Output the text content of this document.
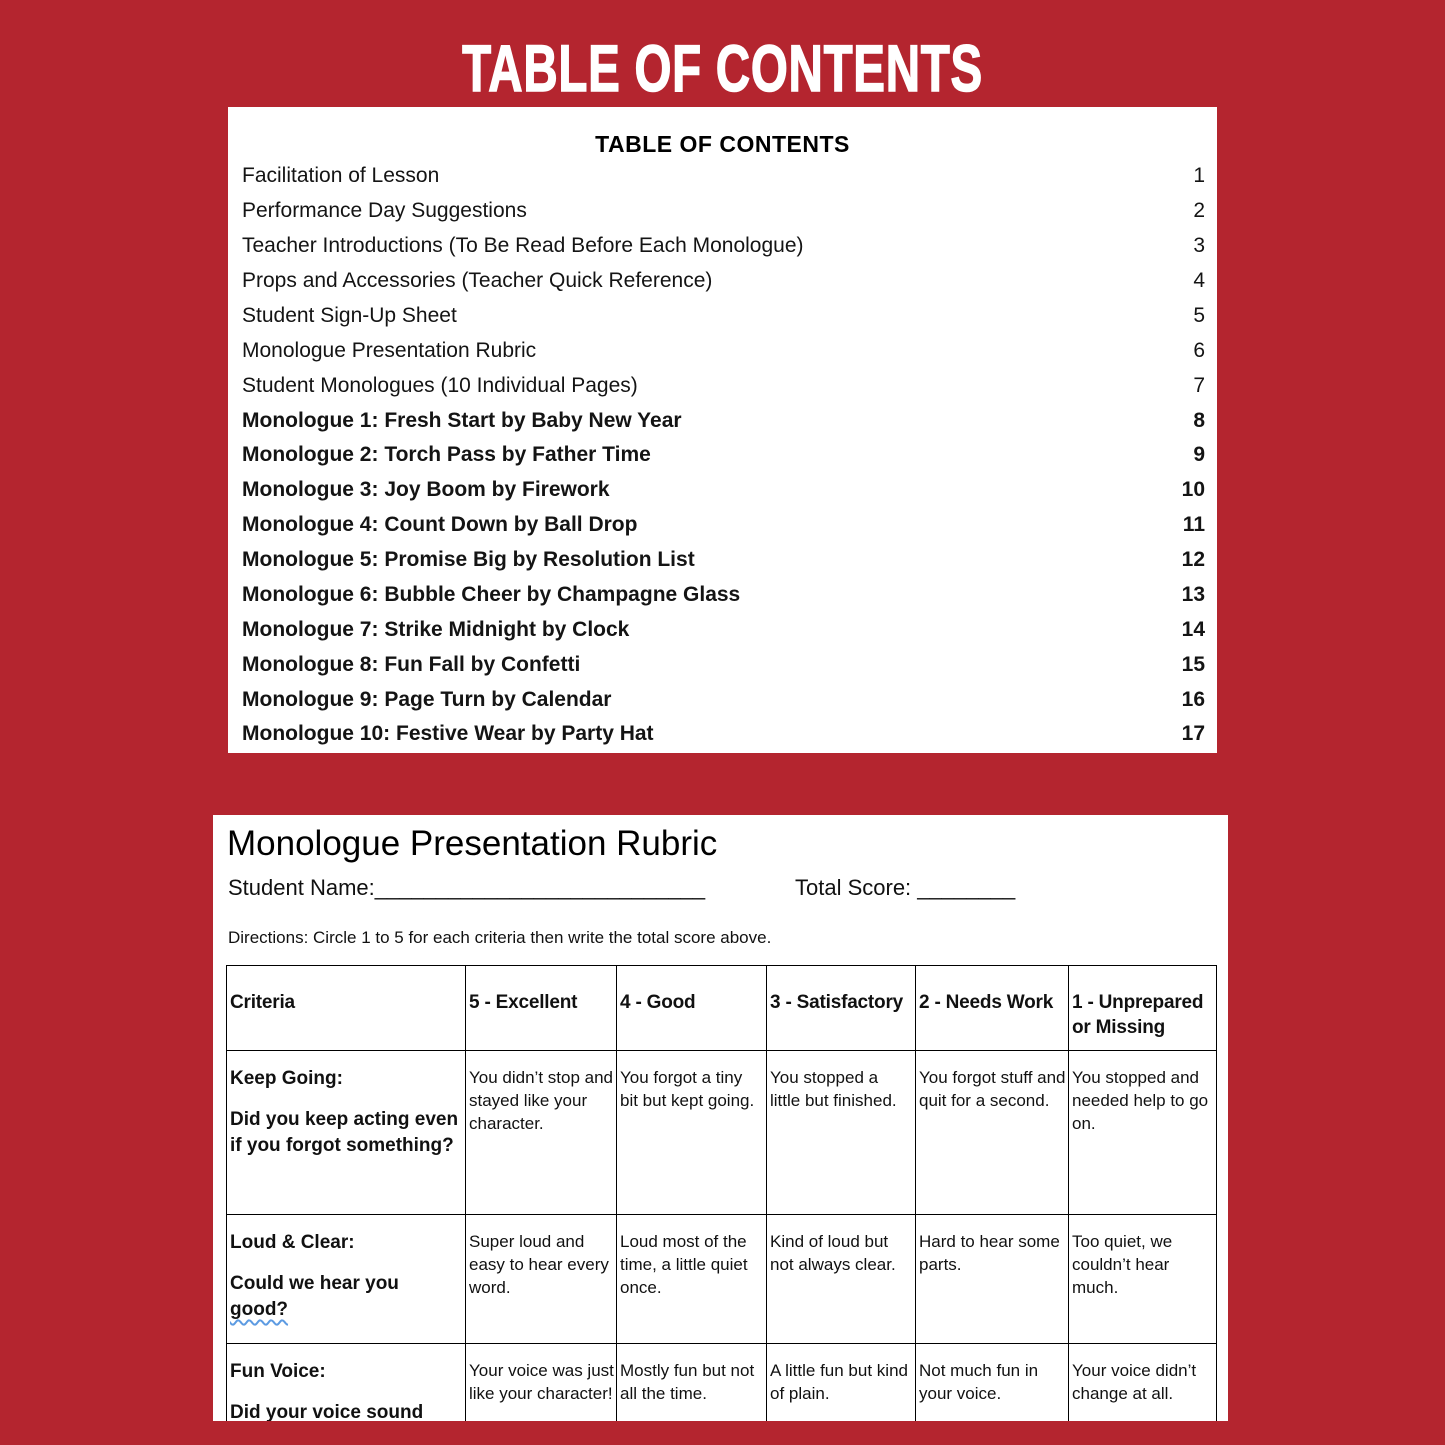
TABLE OF CONTENTS
TABLE OF CONTENTS
Facilitation of Lesson	1
Performance Day Suggestions	2
Teacher Introductions (To Be Read Before Each Monologue)	3
Props and Accessories (Teacher Quick Reference)	4
Student Sign-Up Sheet	5
Monologue Presentation Rubric	6
Student Monologues (10 Individual Pages)	7
Monologue 1: Fresh Start by Baby New Year	8
Monologue 2: Torch Pass by Father Time	9
Monologue 3: Joy Boom by Firework	10
Monologue 4: Count Down by Ball Drop	11
Monologue 5: Promise Big by Resolution List	12
Monologue 6: Bubble Cheer by Champagne Glass	13
Monologue 7: Strike Midnight by Clock	14
Monologue 8: Fun Fall by Confetti	15
Monologue 9: Page Turn by Calendar	16
Monologue 10: Festive Wear by Party Hat	17
Monologue Presentation Rubric
Student Name:___________________________	Total Score: ________
Directions: Circle 1 to 5 for each criteria then write the total score above.
Criteria	5 - Excellent	4 - Good	3 - Satisfactory	2 - Needs Work	1 - Unprepared or Missing

Keep Going:
Did you keep acting even if you forgot something?	You didn’t stop and stayed like your character.	You forgot a tiny bit but kept going.	You stopped a little but finished.	You forgot stuff and quit for a second.	You stopped and needed help to go on.

Loud & Clear:
Could we hear you
good?	Super loud and easy to hear every word.	Loud most of the time, a little quiet once.	Kind of loud but not always clear.	Hard to hear some parts.	Too quiet, we couldn’t hear much.

Fun Voice:
Did your voice sound	Your voice was just like your character!	Mostly fun but not all the time.	A little fun but kind of plain.	Not much fun in your voice.	Your voice didn’t change at all.
